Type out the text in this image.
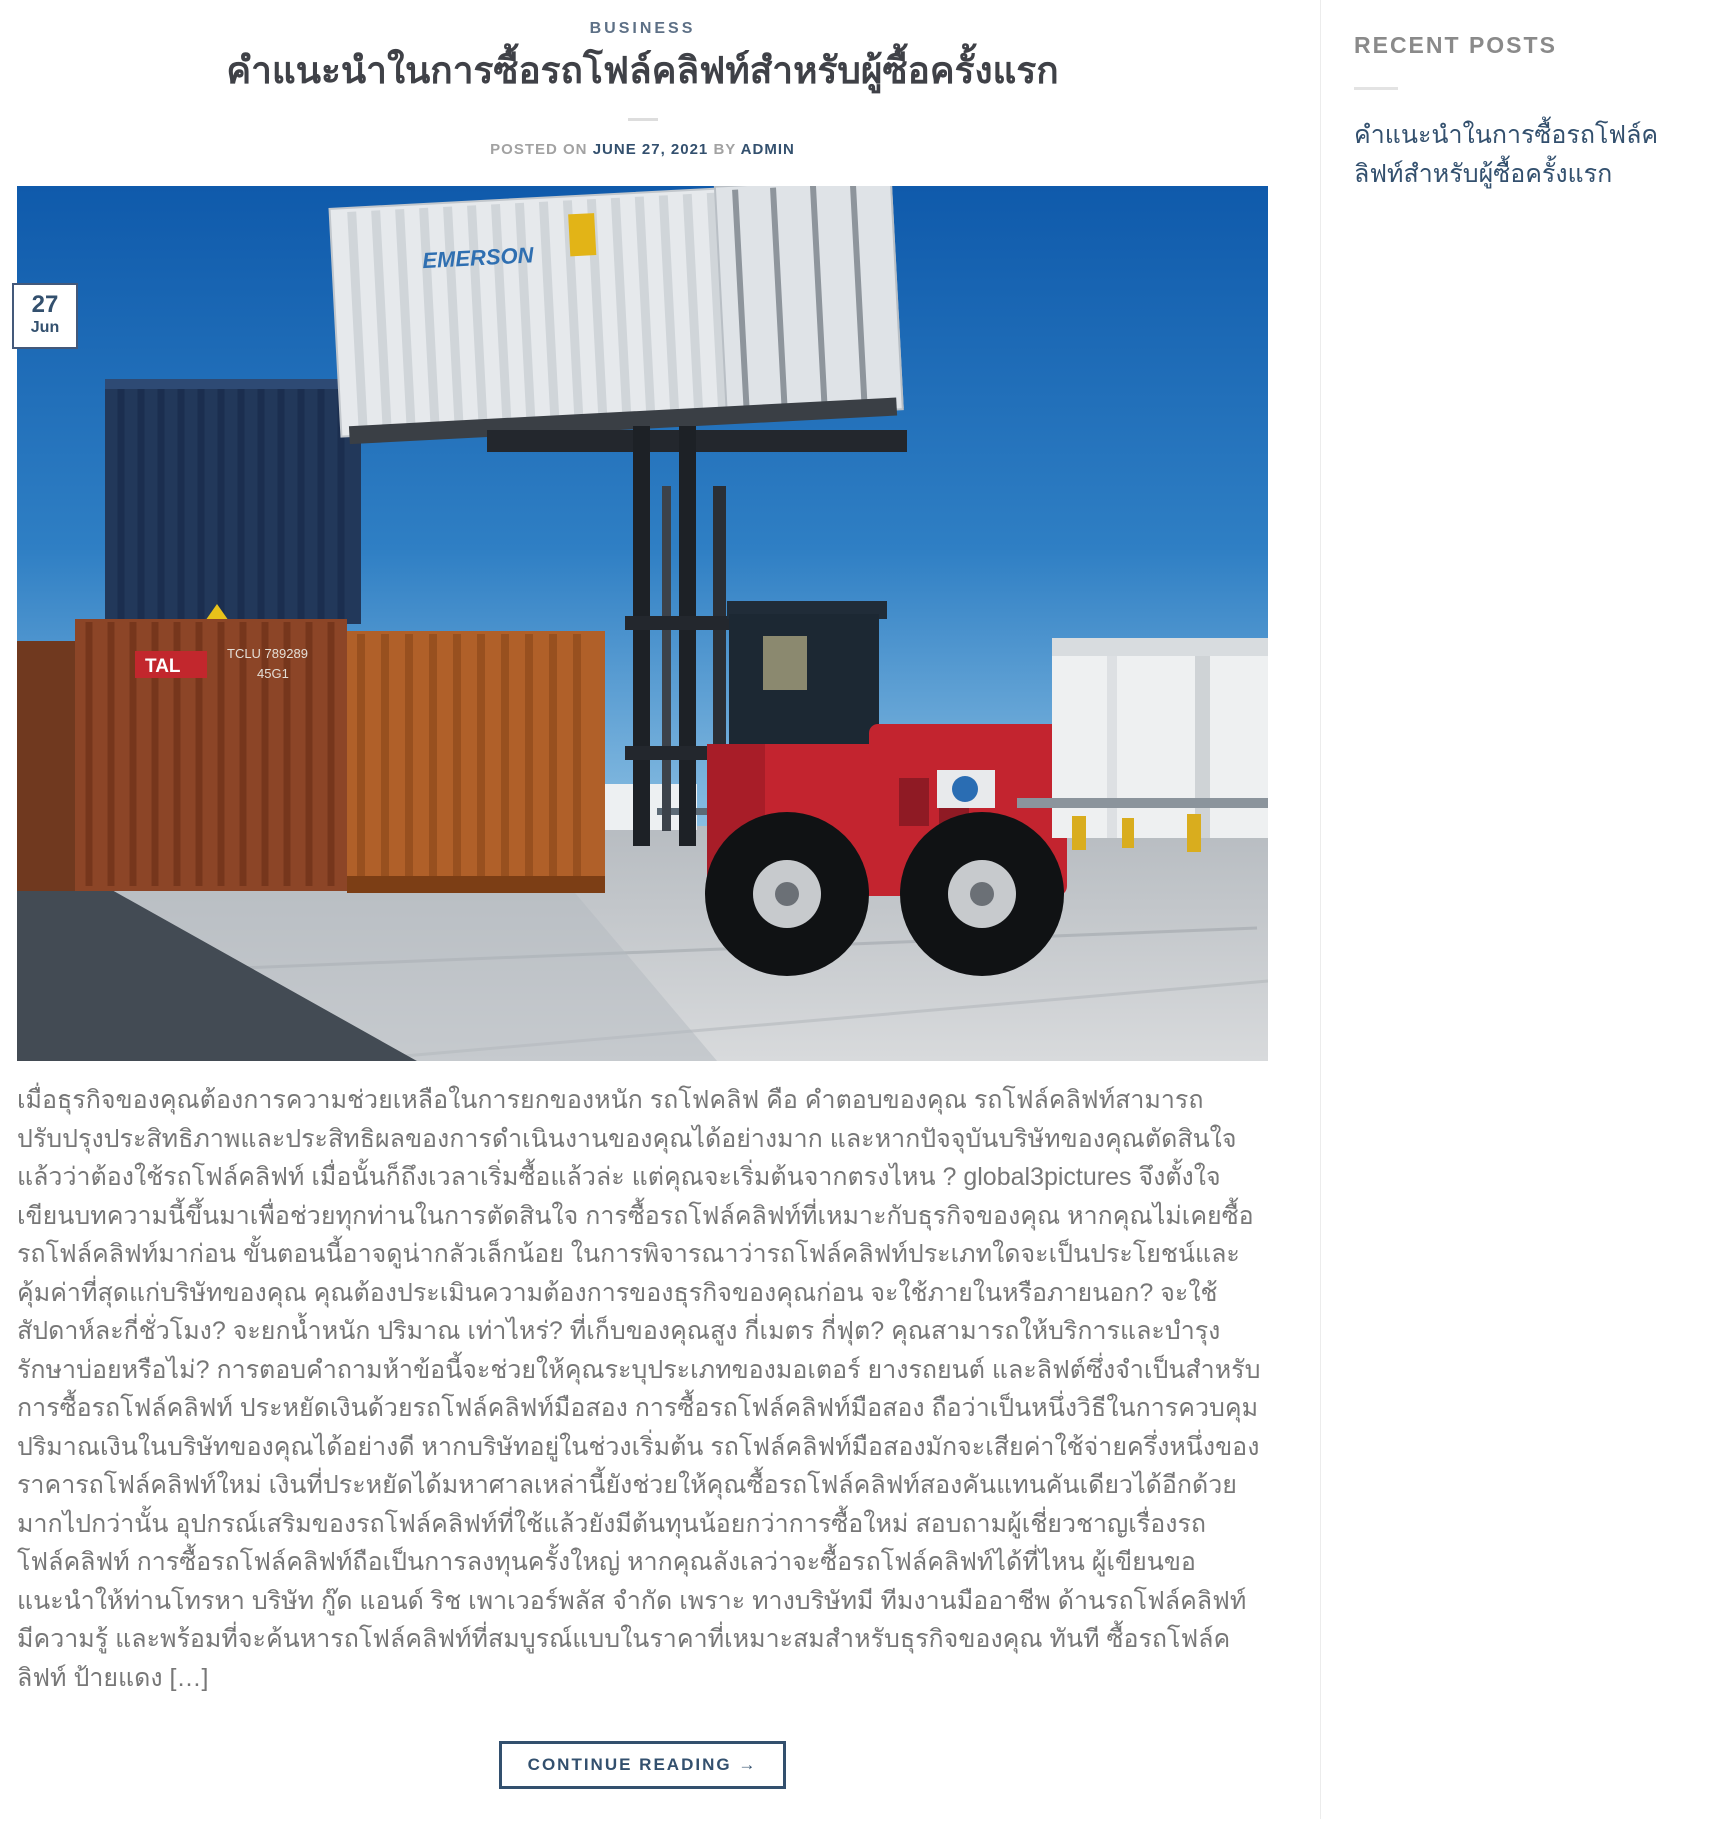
BUSINESS
คำแนะนำในการซื้อรถโฟล์คลิฟท์สำหรับผู้ซื้อครั้งแรก
POSTED ON JUNE 27, 2021 BY ADMIN
TAL
TCLU 789289
45G1
EMERSON
27
Jun

เมื่อธุรกิจของคุณต้องการความช่วยเหลือในการยกของหนัก รถโฟคลิฟ คือ คำตอบของคุณ รถโฟล์คลิฟท์สามารถปรับปรุงประสิทธิภาพและประสิทธิผลของการดำเนินงานของคุณได้อย่างมาก และหากปัจจุบันบริษัทของคุณตัดสินใจแล้วว่าต้องใช้รถโฟล์คลิฟท์ เมื่อนั้นก็ถึงเวลาเริ่มซื้อแล้วล่ะ แต่คุณจะเริ่มต้นจากตรงไหน ? global3pictures จึงตั้งใจเขียนบทความนี้ขึ้นมาเพื่อช่วยทุกท่านในการตัดสินใจ การซื้อรถโฟล์คลิฟท์ที่เหมาะกับธุรกิจของคุณ หากคุณไม่เคยซื้อรถโฟล์คลิฟท์มาก่อน ขั้นตอนนี้อาจดูน่ากลัวเล็กน้อย ในการพิจารณาว่ารถโฟล์คลิฟท์ประเภทใดจะเป็นประโยชน์และคุ้มค่าที่สุดแก่บริษัทของคุณ คุณต้องประเมินความต้องการของธุรกิจของคุณก่อน จะใช้ภายในหรือภายนอก? จะใช้สัปดาห์ละกี่ชั่วโมง? จะยกน้ำหนัก ปริมาณ เท่าไหร่? ที่เก็บของคุณสูง กี่เมตร กี่ฟุต? คุณสามารถให้บริการและบำรุงรักษาบ่อยหรือไม่? การตอบคำถามห้าข้อนี้จะช่วยให้คุณระบุประเภทของมอเตอร์ ยางรถยนต์ และลิฟต์ซึ่งจำเป็นสำหรับการซื้อรถโฟล์คลิฟท์ ประหยัดเงินด้วยรถโฟล์คลิฟท์มือสอง การซื้อรถโฟล์คลิฟท์มือสอง ถือว่าเป็นหนึ่งวิธีในการควบคุมปริมาณเงินในบริษัทของคุณได้อย่างดี หากบริษัทอยู่ในช่วงเริ่มต้น รถโฟล์คลิฟท์มือสองมักจะเสียค่าใช้จ่ายครึ่งหนึ่งของราคารถโฟล์คลิฟท์ใหม่ เงินที่ประหยัดได้มหาศาลเหล่านี้ยังช่วยให้คุณซื้อรถโฟล์คลิฟท์สองคันแทนคันเดียวได้อีกด้วย มากไปกว่านั้น อุปกรณ์เสริมของรถโฟล์คลิฟท์ที่ใช้แล้วยังมีต้นทุนน้อยกว่าการซื้อใหม่ สอบถามผู้เชี่ยวชาญเรื่องรถโฟล์คลิฟท์ การซื้อรถโฟล์คลิฟท์ถือเป็นการลงทุนครั้งใหญ่ หากคุณลังเลว่าจะซื้อรถโฟล์คลิฟท์ได้ที่ไหน ผู้เขียนขอแนะนำให้ท่านโทรหา บริษัท กู๊ด แอนด์ ริช เพาเวอร์พลัส จำกัด เพราะ ทางบริษัทมี ทีมงานมืออาชีพ ด้านรถโฟล์คลิฟท์ มีความรู้ และพร้อมที่จะค้นหารถโฟล์คลิฟท์ที่สมบูรณ์แบบในราคาที่เหมาะสมสำหรับธุรกิจของคุณ ทันที ซื้อรถโฟล์คลิฟท์ ป้ายแดง […]

CONTINUE READING →
RECENT POSTS
คำแนะนำในการซื้อรถโฟล์คลิฟท์สำหรับผู้ซื้อครั้งแรก
